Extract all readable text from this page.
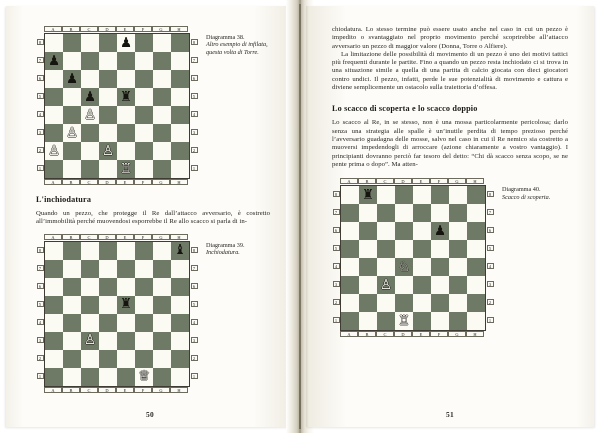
A	B	C	D	E	F	G	H
8
7
6
5
4
3
2
1
♟
♟
♟
♟ ♜
♙
♙
♙	♙
♖
8
7
6
5
4
3
2
1
A	B	C	D	E	F	G	H
Diagramma 38.
Altro esempio di infilata, questa volta di Torre.
L'inchiodatura

Quando un pezzo, che protegge il Re dall’attacco avversario, è costretto all’immobilità perché muovendosi esporrebbe il Re allo scacco si parla di in-

A	B	C	D	E	F	G	H
8
7
6
5
4
3
2
1
♝
♜
♙
♕
8
7
6
5
4
3
2
1
A	B	C	D	E	F	G	H
Diagramma 39.
Inchiodatura.
50

chiodatura. Lo stesso termine può essere usato anche nel caso in cui un pezzo è impedito o svantaggiato nel proprio movimento perché scoprirebbe all’attacco avversario un pezzo di maggior valore (Donna, Torre o Alfiere).

La limitazione delle possibilità di movimento di un pezzo è uno dei motivi tattici più frequenti durante le partite. Fino a quando un pezzo resta inchiodato ci si trova in una situazione simile a quella di una partita di calcio giocata con dieci giocatori contro undici. Il pezzo, infatti, perde le sue potenzialità di movimento e cattura e diviene semplicemente un ostacolo sulla traiettoria d’offesa.

Lo scacco di scoperta e lo scacco doppio

Lo scacco al Re, in se stesso, non è una mossa particolarmente pericolosa; darlo senza una strategia alle spalle è un’inutile perdita di tempo prezioso perché l’avversario guadagna delle mosse, salvo nel caso in cui il Re nemico sia costretto a muoversi impedendogli di arroccare (azione chiaramente a vostro vantaggio). I principianti dovranno perciò far tesoro del detto: “Chi dà scacco senza scopo, se ne pente prima o dopo”. Ma atten-

A	B	C	D	E	F	G	H
8
7
6
5
4
3
2
1
♜
♟
♘
♙
♖
8
7
6
5
4
3
2
1
A	B	C	D	E	F	G	H
Diagramma 40.
Scacco di scoperta.
51
